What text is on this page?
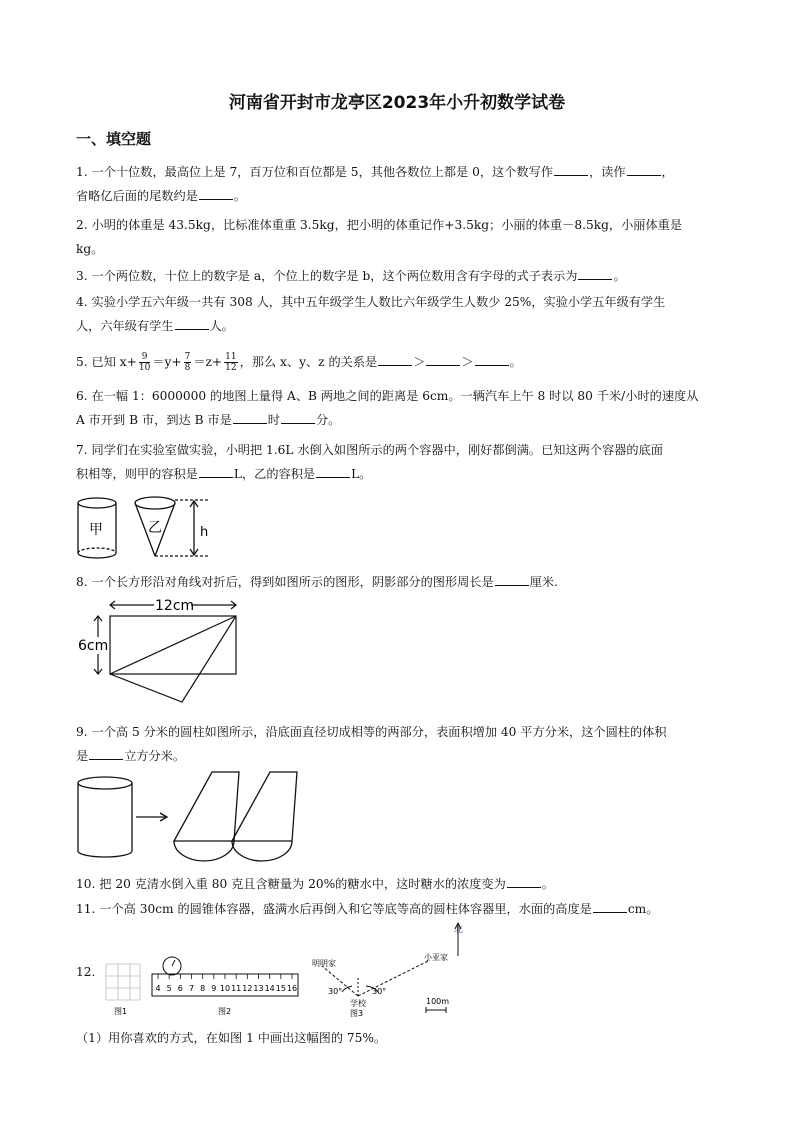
河南省开封市龙亭区2023年小升初数学试卷
一、填空题
1. 一个十位数，最高位上是 7，百万位和百位都是 5，其他各数位上都是 0，这个数写作	，读作	，
省略亿后面的尾数约是	。
2. 小明的体重是 43.5kg，比标准体重重 3.5kg，把小明的体重记作+3.5kg；小丽的体重－8.5kg，小丽体重是
kg。
3. 一个两位数，十位上的数字是 a，个位上的数字是 b，这个两位数用含有字母的式子表示为	。
4. 实验小学五六年级一共有 308 人，其中五年级学生人数比六年级学生人数少 25%，实验小学五年级有学生
人，六年级有学生	人。
5. 已知 $x+ \frac{9}{10} =y+ \frac{7}{8} =z+ \frac{11}{12}$ ，那么 x、y、z 的关系是	＞	＞	。
6. 在一幅 1：6000000 的地图上量得 A、B 两地之间的距离是 6cm。一辆汽车上午 8 时以 80 千米/小时的速度从
A 市开到 B 市，到达 B 市是	时	分。
7. 同学们在实验室做实验，小明把 1.6L 水倒入如图所示的两个容器中，刚好都倒满。已知这两个容器的底面
积相等，则甲的容积是	L，乙的容积是	L。
甲	乙	h
8. 一个长方形沿对角线对折后，得到如图所示的图形，阴影部分的图形周长是	厘米.
12cm
6cm
9. 一个高 5 分米的圆柱如图所示，沿底面直径切成相等的两部分，表面积增加 40 平方分米，这个圆柱的体积
是	立方分米。
10. 把 20 克清水倒入重 80 克且含糖量为 20%的糖水中，这时糖水的浓度变为	。
11. 一个高 30cm 的圆锥体容器，盛满水后再倒入和它等底等高的圆柱体容器里，水面的高度是	cm。
12.
图1
4 5 6 7 8 9 10 11 12 13 14 15 16
图2
北
明明家
小亚家
学校
30°	30°
100m
图3
（1）用你喜欢的方式，在如图 1 中画出这幅图的 75%。
